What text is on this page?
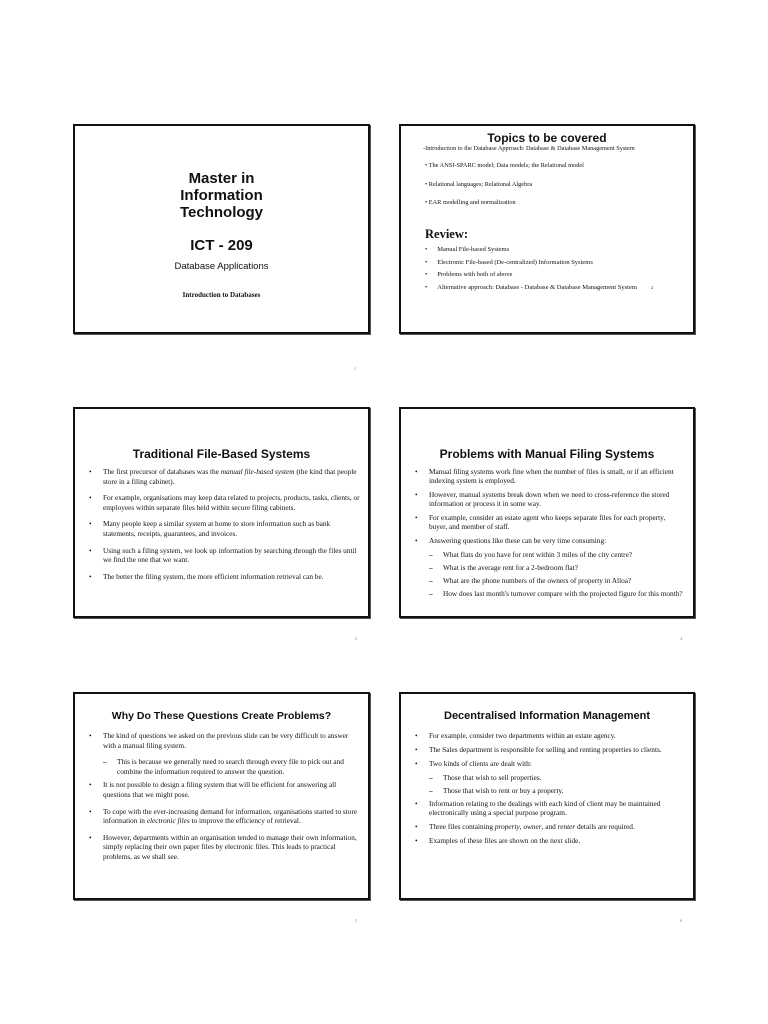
Master in
Information
Technology
ICT - 209
Database Applications
Introduction to Databases
1
Topics to be covered
-Introduction to the Database Approach: Database & Database Management System
• The ANSI-SPARC model; Data models; the Relational model
• Relational languages; Relational Algebra
• EAR modelling and normalization
Review:
• Manual File-based Systems
• Electronic File-based (De-centralized) Information Systems
• Problems with both of above
• Alternative approach: Database - Database & Database Management System	2
Traditional File-Based Systems
• The first precursor of databases was the manual file-based system (the kind that people store in a filing cabinet).
• For example, organisations may keep data related to projects, products, tasks, clients, or employees within separate files held within secure filing cabinets.
• Many people keep a similar system at home to store information such as bank statements, receipts, guarantees, and invoices.
• Using such a filing system, we look up information by searching through the files until we find the one that we want.
• The better the filing system, the more efficient information retrieval can be.
3
Problems with Manual Filing Systems
• Manual filing systems work fine when the number of files is small, or if an efficient indexing system is employed.
• However, manual systems break down when we need to cross-reference the stored information or process it in some way.
• For example, consider an estate agent who keeps separate files for each property, buyer, and member of staff.
• Answering questions like these can be very time consuming:
– What flats do you have for rent within 3 miles of the city centre?
– What is the average rent for a 2-bedroom flat?
– What are the phone numbers of the owners of property in Alloa?
– How does last month's turnover compare with the projected figure for this month?
4
Why Do These Questions Create Problems?
• The kind of questions we asked on the previous slide can be very difficult to answer with a manual filing system.
– This is because we generally need to search through every file to pick out and combine the information required to answer the question.
• It is not possible to design a filing system that will be efficient for answering all questions that we might pose.
• To cope with the ever-increasing demand for information, organisations started to store information in electronic files to improve the efficiency of retrieval.
• However, departments within an organisation tended to manage their own information, simply replacing their own paper files by electronic files. This leads to practical problems, as we shall see.
5
Decentralised Information Management
• For example, consider two departments within an estate agency.
• The Sales department is responsible for selling and renting properties to clients.
• Two kinds of clients are dealt with:
– Those that wish to sell properties.
– Those that wish to rent or buy a property.
• Information relating to the dealings with each kind of client may be maintained electronically using a special purpose program.
• Three files containing property, owner, and renter details are required.
• Examples of these files are shown on the next slide.
6
